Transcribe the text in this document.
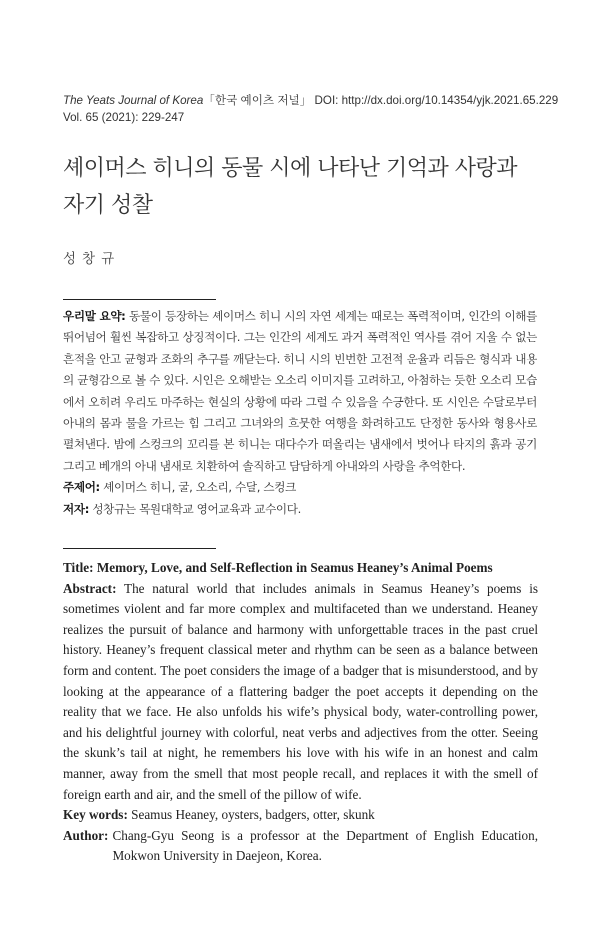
The Yeats Journal of Korea「한국 예이츠 저널」 DOI: http://dx.doi.org/10.14354/yjk.2021.65.229
Vol. 65 (2021): 229-247
셰이머스 히니의 동물 시에 나타난 기억과 사랑과
자기 성찰
성창규

우리말 요약: 동물이 등장하는 셰이머스 히니 시의 자연 세계는 때로는 폭력적이며, 인간의 이해를 뛰어넘어 훨씬 복잡하고 상징적이다. 그는 인간의 세계도 과거 폭력적인 역사를 겪어 지울 수 없는 흔적을 안고 균형과 조화의 추구를 깨닫는다. 히니 시의 빈번한 고전적 운율과 리듬은 형식과 내용의 균형감으로 볼 수 있다. 시인은 오해받는 오소리 이미지를 고려하고, 아첨하는 듯한 오소리 모습에서 오히려 우리도 마주하는 현실의 상황에 따라 그럴 수 있음을 수긍한다. 또 시인은 수달로부터 아내의 몸과 물을 가르는 힘 그리고 그녀와의 흐뭇한 여행을 화려하고도 단정한 동사와 형용사로 펼쳐낸다. 밤에 스컹크의 꼬리를 본 히니는 대다수가 떠올리는 냄새에서 벗어나 타지의 흙과 공기 그리고 베개의 아내 냄새로 치환하여 솔직하고 담담하게 아내와의 사랑을 추억한다.

주제어: 셰이머스 히니, 굴, 오소리, 수달, 스컹크

저자: 성창규는 목원대학교 영어교육과 교수이다.

Title: Memory, Love, and Self-Reflection in Seamus Heaney’s Animal Poems

Abstract: The natural world that includes animals in Seamus Heaney’s poems is sometimes violent and far more complex and multifaceted than we understand. Heaney realizes the pursuit of balance and harmony with unforgettable traces in the past cruel history. Heaney’s frequent classical meter and rhythm can be seen as a balance between form and content. The poet considers the image of a badger that is misunderstood, and by looking at the appearance of a flattering badger the poet accepts it depending on the reality that we face. He also unfolds his wife’s physical body, water-controlling power, and his delightful journey with colorful, neat verbs and adjectives from the otter. Seeing the skunk’s tail at night, he remembers his love with his wife in an honest and calm manner, away from the smell that most people recall, and replaces it with the smell of foreign earth and air, and the smell of the pillow of wife.

Key words: Seamus Heaney, oysters, badgers, otter, skunk

Author: Chang-Gyu Seong is a professor at the Department of English Education, Mokwon University in Daejeon, Korea.
